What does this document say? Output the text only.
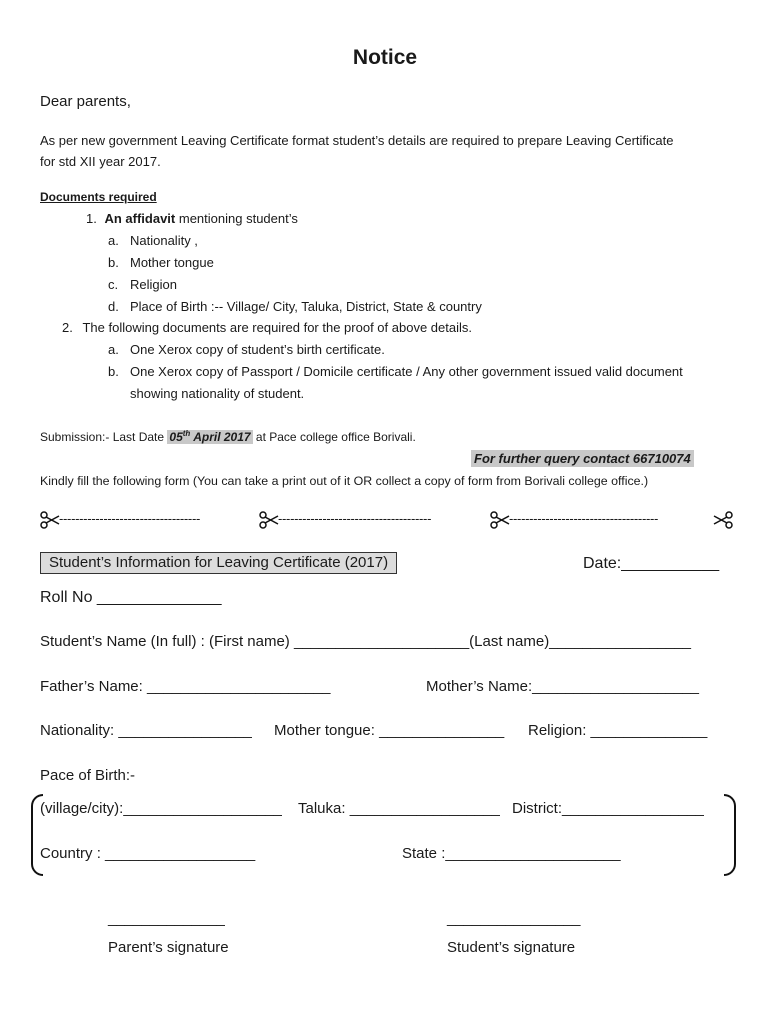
Notice
Dear parents,
As per new government Leaving Certificate format student’s details are required to prepare Leaving Certificate
for std XII year 2017.
Documents required
1. An affidavit mentioning student’s
a. Nationality ,
b. Mother tongue
c. Religion
d. Place of Birth :-- Village/ City, Taluka, District, State & country
2. The following documents are required for the proof of above details.
a. One Xerox copy of student’s birth certificate.
b. One Xerox copy of Passport / Domicile certificate / Any other government issued valid document
showing nationality of student.
Submission:- Last Date 05th April 2017 at Pace college office Borivali.
For further query contact 66710074
Kindly fill the following form (You can take a print out of it OR collect a copy of form from Borivali college office.)
-----------------------------------	--------------------------------------	-------------------------------------
Student’s Information for Leaving Certificate (2017)	Date:___________
Roll No ______________
Student’s Name (In full) : (First name) _____________________(Last name)_________________
Father’s Name: ______________________	Mother’s Name:____________________
Nationality: ________________ Mother tongue: _______________ Religion: ______________
Pace of Birth:-
(village/city):___________________ Taluka: __________________ District:_________________
Country : __________________	State :_____________________
______________	________________
Parent’s signature	Student’s signature
